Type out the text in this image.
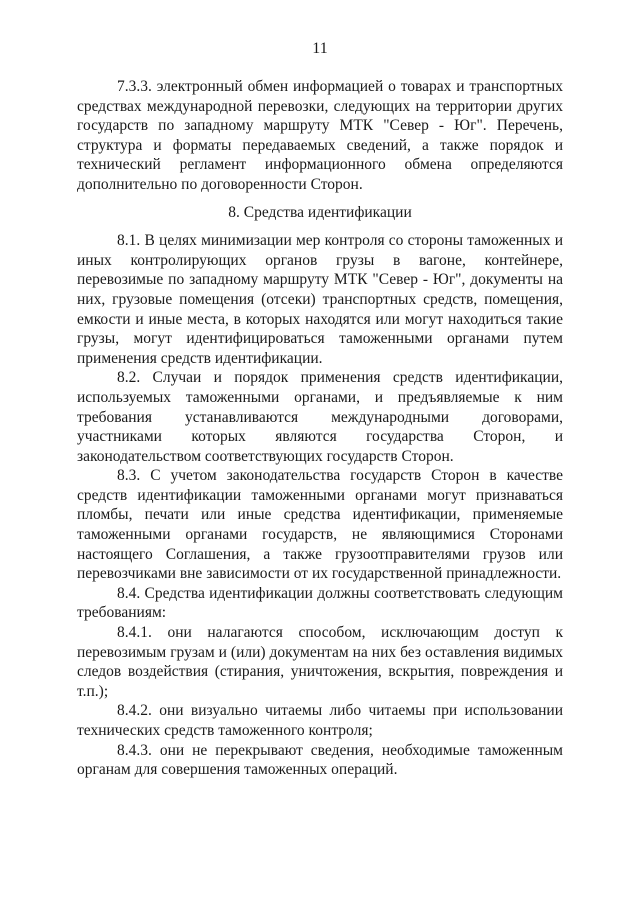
11

7.3.3. электронный обмен информацией о товарах и транспортных средствах международной перевозки, следующих на территории других государств по западному маршруту МТК "Север - Юг". Перечень, структура и форматы передаваемых сведений, а также порядок и технический регламент информационного обмена определяются дополнительно по договоренности Сторон.

8. Средства идентификации

8.1. В целях минимизации мер контроля со стороны таможенных и иных контролирующих органов грузы в вагоне, контейнере, перевозимые по западному маршруту МТК "Север - Юг", документы на них, грузовые помещения (отсеки) транспортных средств, помещения, емкости и иные места, в которых находятся или могут находиться такие грузы, могут идентифицироваться таможенными органами путем применения средств идентификации.

8.2. Случаи и порядок применения средств идентификации, используемых таможенными органами, и предъявляемые к ним требования устанавливаются международными договорами, участниками которых являются государства Сторон, и законодательством соответствующих государств Сторон.

8.3. С учетом законодательства государств Сторон в качестве средств идентификации таможенными органами могут признаваться пломбы, печати или иные средства идентификации, применяемые таможенными органами государств, не являющимися Сторонами настоящего Соглашения, а также грузоотправителями грузов или перевозчиками вне зависимости от их государственной принадлежности.

8.4. Средства идентификации должны соответствовать следующим требованиям:

8.4.1. они налагаются способом, исключающим доступ к перевозимым грузам и (или) документам на них без оставления видимых следов воздействия (стирания, уничтожения, вскрытия, повреждения и т.п.);

8.4.2. они визуально читаемы либо читаемы при использовании технических средств таможенного контроля;

8.4.3. они не перекрывают сведения, необходимые таможенным органам для совершения таможенных операций.
